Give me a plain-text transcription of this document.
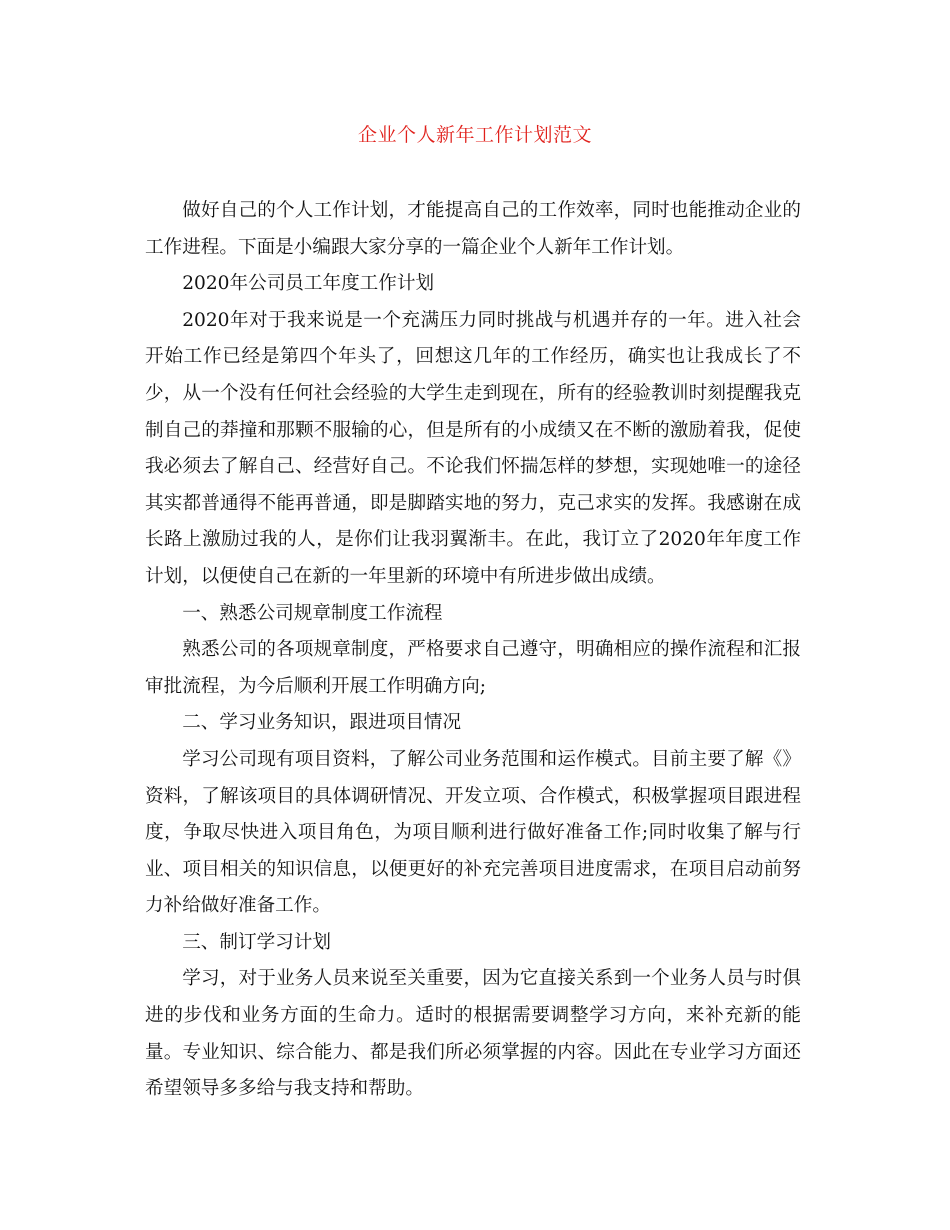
企业个人新年工作计划范文

做好自己的个人工作计划，才能提高自己的工作效率，同时也能推动企业的工作进程。下面是小编跟大家分享的一篇企业个人新年工作计划。

2020年公司员工年度工作计划

2020年对于我来说是一个充满压力同时挑战与机遇并存的一年。进入社会开始工作已经是第四个年头了，回想这几年的工作经历，确实也让我成长了不少，从一个没有任何社会经验的大学生走到现在，所有的经验教训时刻提醒我克制自己的莽撞和那颗不服输的心，但是所有的小成绩又在不断的激励着我，促使我必须去了解自己、经营好自己。不论我们怀揣怎样的梦想，实现她唯一的途径其实都普通得不能再普通，即是脚踏实地的努力，克己求实的发挥。我感谢在成长路上激励过我的人，是你们让我羽翼渐丰。在此，我订立了2020年年度工作计划，以便使自己在新的一年里新的环境中有所进步做出成绩。

一、熟悉公司规章制度工作流程

熟悉公司的各项规章制度，严格要求自己遵守，明确相应的操作流程和汇报审批流程，为今后顺利开展工作明确方向;

二、学习业务知识，跟进项目情况

学习公司现有项目资料，了解公司业务范围和运作模式。目前主要了解《》资料，了解该项目的具体调研情况、开发立项、合作模式，积极掌握项目跟进程度，争取尽快进入项目角色，为项目顺利进行做好准备工作;同时收集了解与行业、项目相关的知识信息，以便更好的补充完善项目进度需求，在项目启动前努力补给做好准备工作。

三、制订学习计划

学习，对于业务人员来说至关重要，因为它直接关系到一个业务人员与时俱进的步伐和业务方面的生命力。适时的根据需要调整学习方向，来补充新的能量。专业知识、综合能力、都是我们所必须掌握的内容。因此在专业学习方面还希望领导多多给与我支持和帮助。
